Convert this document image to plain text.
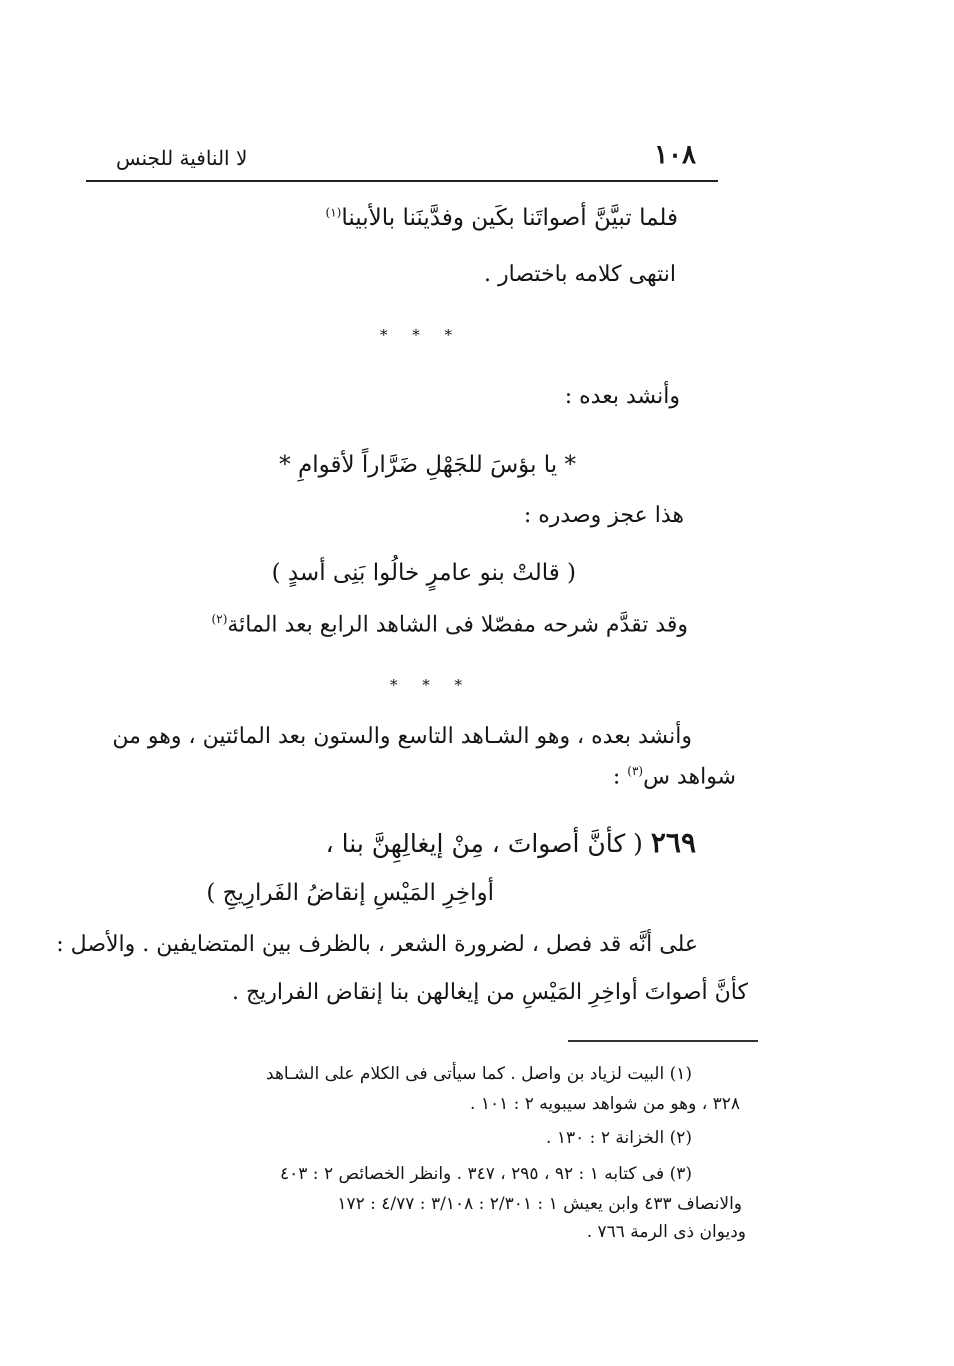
لا النافية للجنس	١٠٨
فلما تبيَّنَّ أصواتَنا بكَين وفدَّينَنا بالأبينا$^{(١)}$
انتهى كلامه باختصار .
* * *
وأنشد بعده :
* يا بؤسَ للجَهْلِ ضَرَّاراً لأقوامِ *
هذا عجز وصدره :
( قالتْ بنو عامرٍ خالُوا بَنِى أسدٍ )
وقد تقدَّم شرحه مفصّلا فى الشاهد الرابع بعد المائة$^{(٢)}$
* * *
وأنشد بعده ، وهو الشـاهد التاسع والستون بعد المائتين ، وهو من
شواهد س$^{(٣)}$ :
٢٦٩ ( كأنَّ أصواتَ ، مِنْ إيغالِهِنَّ بنا ،
أواخِرِ المَيْسِ إنقاضُ الفَرارِيجِ )
على أنَّه قد فصل ، لضرورة الشعر ، بالظرف بين المتضايفين . والأصل :
كأنَّ أصواتَ أواخِرِ المَيْسِ من إيغالهن بنا إنقاض الفراريج .
(١) البيت لزياد بن واصل . كما سيأتى فى الكلام على الشـاهد
٣٢٨ ، وهو من شواهد سيبويه ٢ : ١٠١ .
(٢) الخزانة ٢ : ١٣٠ .
(٣) فى كتابه ١ : ٩٢ ، ٢٩٥ ، ٣٤٧ . وانظر الخصائص ٢ : ٤٠٣
والانصاف ٤٣٣ وابن يعيش ١ : ٢/٣٠١ : ٣/١٠٨ : ٤/٧٧ : ١٧٢
وديوان ذى الرمة ٧٦٦ .
